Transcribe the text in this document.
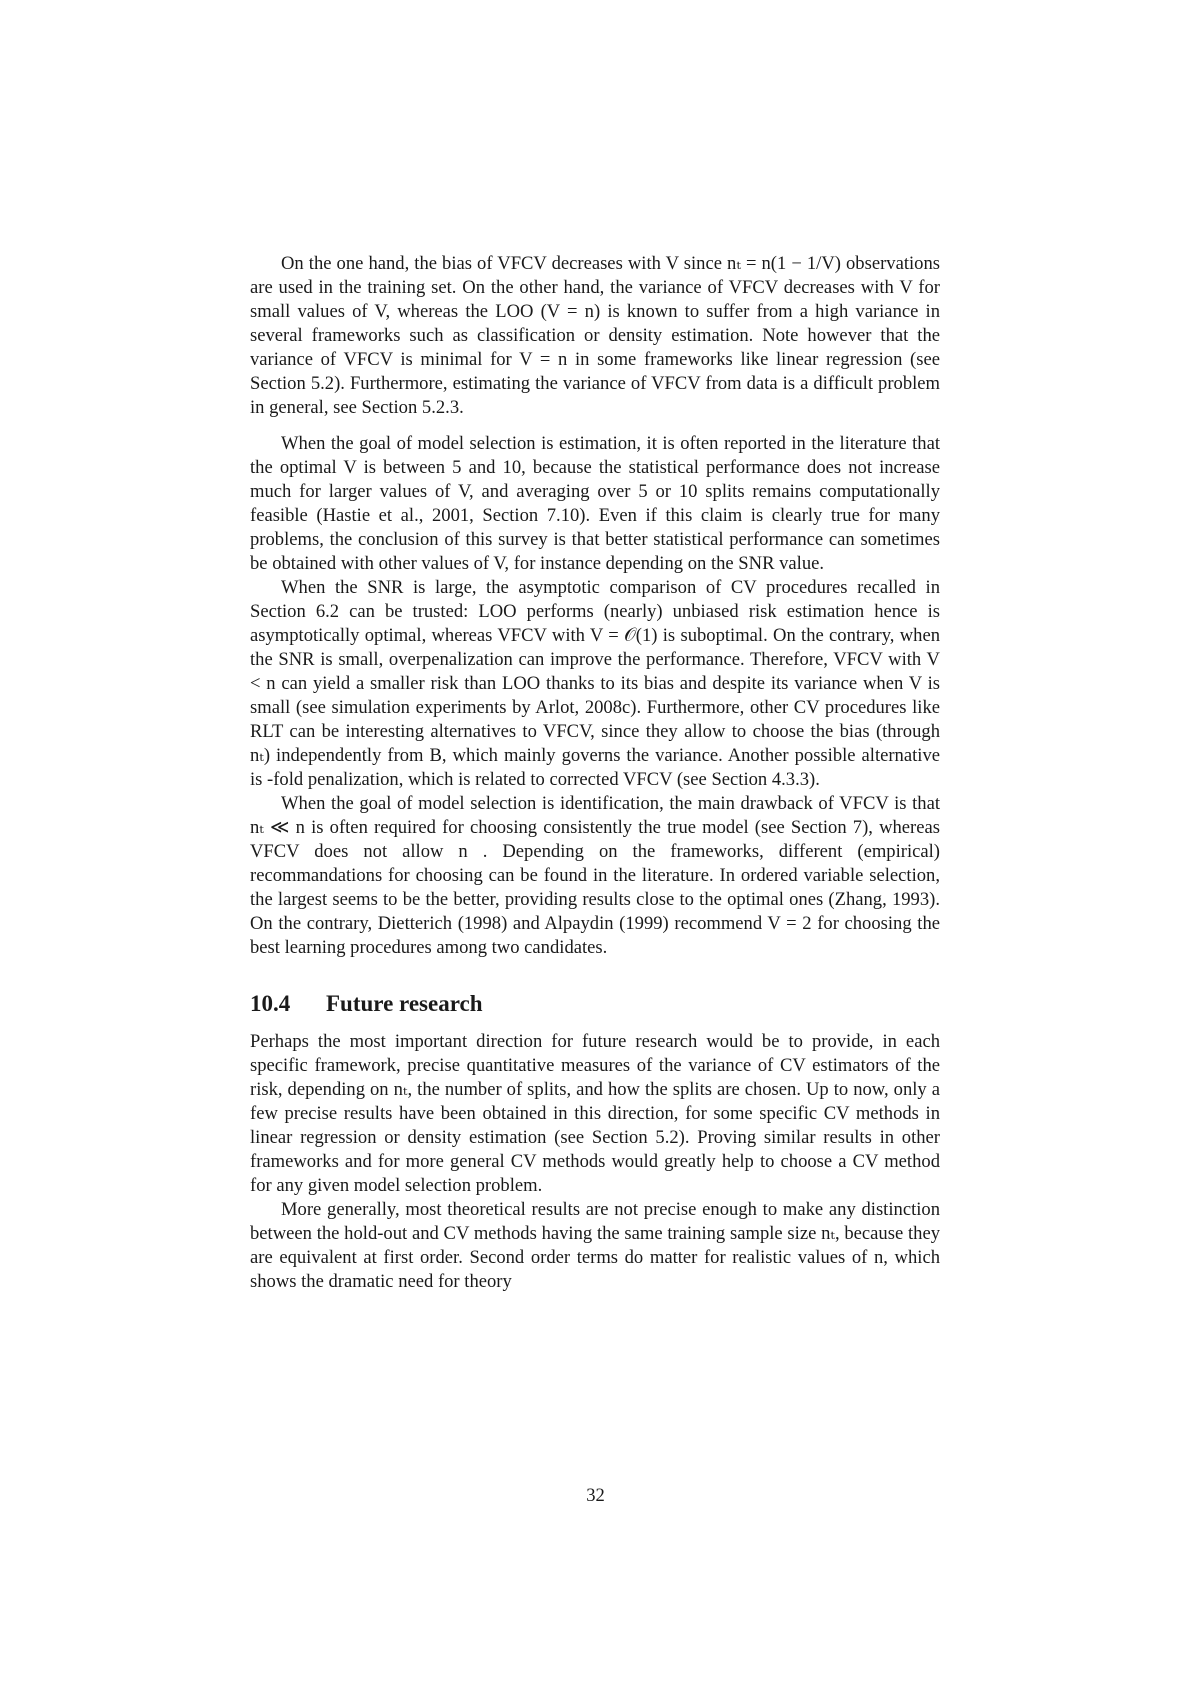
On the one hand, the bias of VFCV decreases with V since nₜ = n(1 − 1/V) observations are used in the training set. On the other hand, the variance of VFCV decreases with V for small values of V, whereas the LOO (V = n) is known to suffer from a high variance in several frameworks such as classification or density estimation. Note however that the variance of VFCV is minimal for V = n in some frameworks like linear regression (see Section 5.2). Furthermore, estimating the variance of VFCV from data is a difficult problem in general, see Section 5.2.3.

When the goal of model selection is estimation, it is often reported in the literature that the optimal V is between 5 and 10, because the statistical performance does not increase much for larger values of V, and averaging over 5 or 10 splits remains computationally feasible (Hastie et al., 2001, Section 7.10). Even if this claim is clearly true for many problems, the conclusion of this survey is that better statistical performance can sometimes be obtained with other values of V, for instance depending on the SNR value.

When the SNR is large, the asymptotic comparison of CV procedures recalled in Section 6.2 can be trusted: LOO performs (nearly) unbiased risk estimation hence is asymptotically optimal, whereas VFCV with V = 𝒪(1) is suboptimal. On the contrary, when the SNR is small, overpenalization can improve the performance. Therefore, VFCV with V < n can yield a smaller risk than LOO thanks to its bias and despite its variance when V is small (see simulation experiments by Arlot, 2008c). Furthermore, other CV procedures like RLT can be interesting alternatives to VFCV, since they allow to choose the bias (through nₜ) independently from B, which mainly governs the variance. Another possible alternative is -fold penalization, which is related to corrected VFCV (see Section 4.3.3).

When the goal of model selection is identification, the main drawback of VFCV is that nₜ ≪ n is often required for choosing consistently the true model (see Section 7), whereas VFCV does not allow n . Depending on the frameworks, different (empirical) recommandations for choosing can be found in the literature. In ordered variable selection, the largest seems to be the better, providing results close to the optimal ones (Zhang, 1993). On the contrary, Dietterich (1998) and Alpaydin (1999) recommend V = 2 for choosing the best learning procedures among two candidates.

10.4 Future research

Perhaps the most important direction for future research would be to provide, in each specific framework, precise quantitative measures of the variance of CV estimators of the risk, depending on nₜ, the number of splits, and how the splits are chosen. Up to now, only a few precise results have been obtained in this direction, for some specific CV methods in linear regression or density estimation (see Section 5.2). Proving similar results in other frameworks and for more general CV methods would greatly help to choose a CV method for any given model selection problem.

More generally, most theoretical results are not precise enough to make any distinction between the hold-out and CV methods having the same training sample size nₜ, because they are equivalent at first order. Second order terms do matter for realistic values of n, which shows the dramatic need for theory

32
